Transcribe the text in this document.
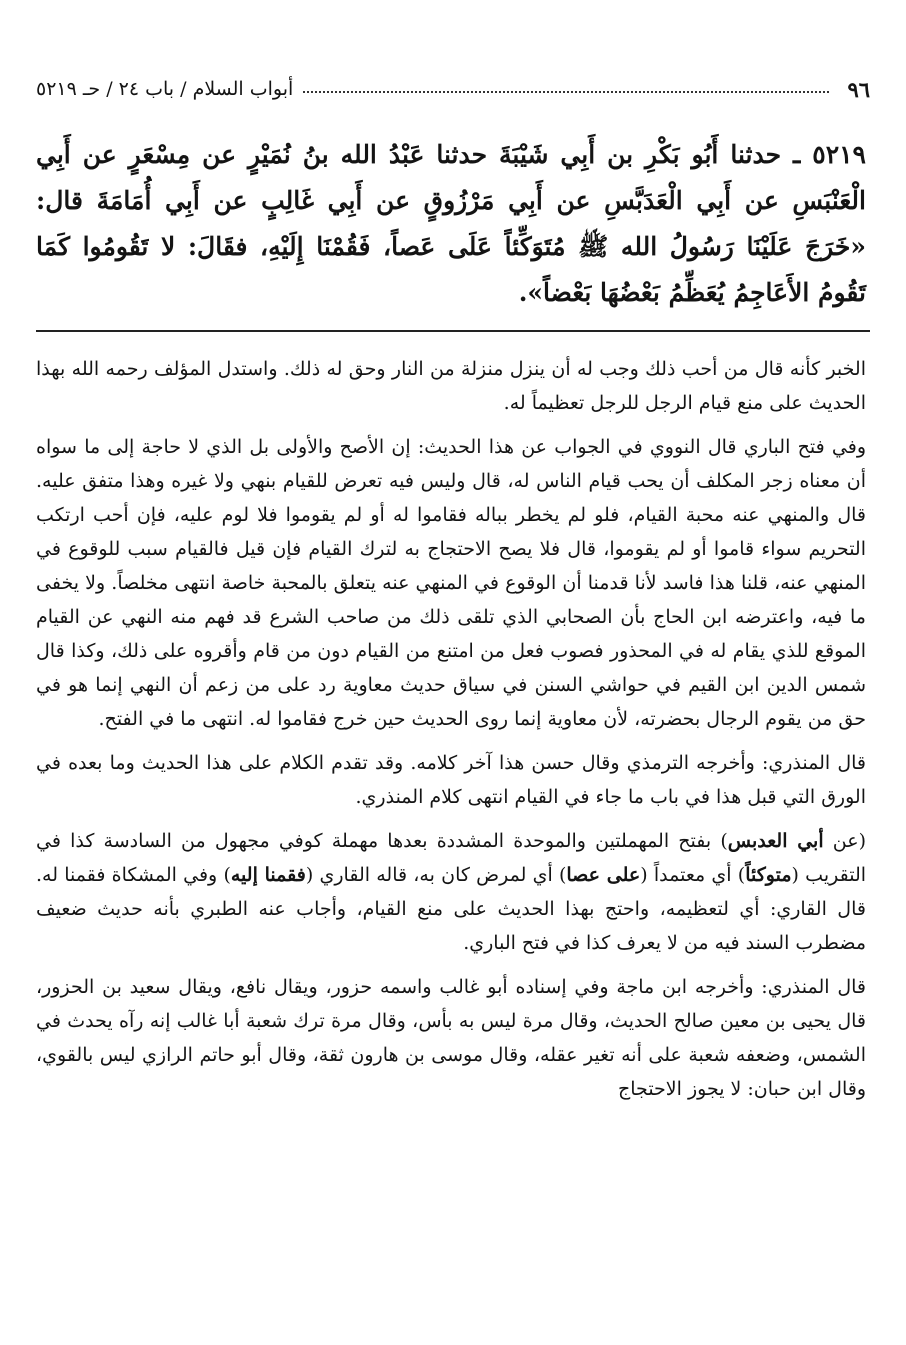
٩٦
أبواب السلام / باب ٢٤ / حـ ٥٢١٩
٥٢١٩ ـ حدثنا أَبُو بَكْرِ بن أَبِي شَيْبَةَ حدثنا عَبْدُ الله بنُ نُمَيْرٍ عن مِسْعَرٍ عن أَبِي الْعَنْبَسِ عن أَبِي الْعَدَبَّسِ عن أَبِي مَرْزُوقٍ عن أَبِي غَالِبٍ عن أَبِي أُمَامَةَ قال: «خَرَجَ عَلَيْنَا رَسُولُ الله ﷺ مُتَوَكِّئاً عَلَى عَصاً، فَقُمْنَا إِلَيْهِ، فقَالَ: لا تَقُومُوا كَمَا تَقُومُ الأَعَاجِمُ يُعَظِّمُ بَعْضُهَا بَعْضاً».

الخبر كأنه قال من أحب ذلك وجب له أن ينزل منزلة من النار وحق له ذلك. واستدل المؤلف رحمه الله بهذا الحديث على منع قيام الرجل للرجل تعظيماً له.

وفي فتح الباري قال النووي في الجواب عن هذا الحديث: إن الأصح والأولى بل الذي لا حاجة إلى ما سواه أن معناه زجر المكلف أن يحب قيام الناس له، قال وليس فيه تعرض للقيام بنهي ولا غيره وهذا متفق عليه. قال والمنهي عنه محبة القيام، فلو لم يخطر بباله فقاموا له أو لم يقوموا فلا لوم عليه، فإن أحب ارتكب التحريم سواء قاموا أو لم يقوموا، قال فلا يصح الاحتجاج به لترك القيام فإن قيل فالقيام سبب للوقوع في المنهي عنه، قلنا هذا فاسد لأنا قدمنا أن الوقوع في المنهي عنه يتعلق بالمحبة خاصة انتهى مخلصاً. ولا يخفى ما فيه، واعترضه ابن الحاج بأن الصحابي الذي تلقى ذلك من صاحب الشرع قد فهم منه النهي عن القيام الموقع للذي يقام له في المحذور فصوب فعل من امتنع من القيام دون من قام وأقروه على ذلك، وكذا قال شمس الدين ابن القيم في حواشي السنن في سياق حديث معاوية رد على من زعم أن النهي إنما هو في حق من يقوم الرجال بحضرته، لأن معاوية إنما روى الحديث حين خرج فقاموا له. انتهى ما في الفتح.

قال المنذري: وأخرجه الترمذي وقال حسن هذا آخر كلامه. وقد تقدم الكلام على هذا الحديث وما بعده في الورق التي قبل هذا في باب ما جاء في القيام انتهى كلام المنذري.

(عن أبي العدبس) بفتح المهملتين والموحدة المشددة بعدها مهملة كوفي مجهول من السادسة كذا في التقريب (متوكئاً) أي معتمداً (على عصا) أي لمرض كان به، قاله القاري (فقمنا إليه) وفي المشكاة فقمنا له. قال القاري: أي لتعظيمه، واحتج بهذا الحديث على منع القيام، وأجاب عنه الطبري بأنه حديث ضعيف مضطرب السند فيه من لا يعرف كذا في فتح الباري.

قال المنذري: وأخرجه ابن ماجة وفي إسناده أبو غالب واسمه حزور، ويقال نافع، ويقال سعيد بن الحزور، قال يحيى بن معين صالح الحديث، وقال مرة ليس به بأس، وقال مرة ترك شعبة أبا غالب إنه رآه يحدث في الشمس، وضعفه شعبة على أنه تغير عقله، وقال موسى بن هارون ثقة، وقال أبو حاتم الرازي ليس بالقوي، وقال ابن حبان: لا يجوز الاحتجاج
